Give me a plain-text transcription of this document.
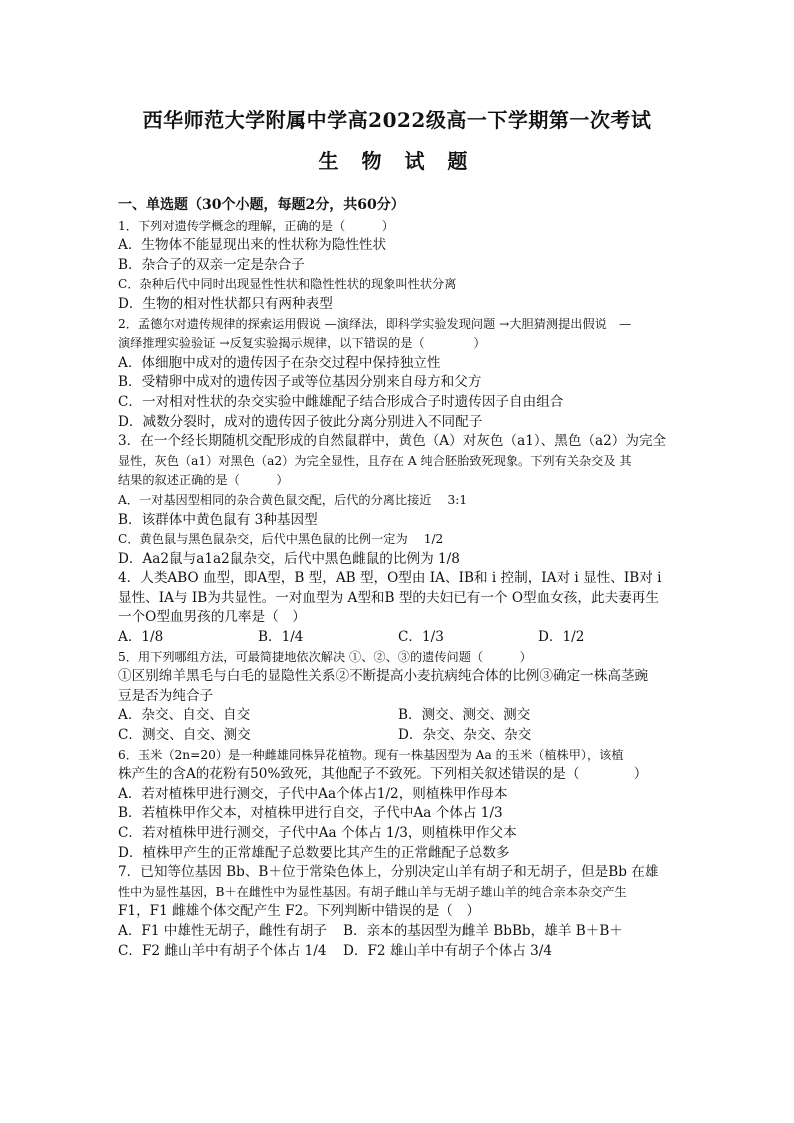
西华师范大学附属中学高2022级高一下学期第一次考试
生 物 试 题
一、单选题（30个小题，每题2分，共60分）
1．下列对遗传学概念的理解，正确的是（　　　）
A．生物体不能显现出来的性状称为隐性性状
B．杂合子的双亲一定是杂合子
C．杂种后代中同时出现显性性状和隐性性状的现象叫性状分离
D．生物的相对性状都只有两种表型
2．孟德尔对遗传规律的探索运用假说 —演绎法，即科学实验发现问题 →大胆猜测提出假说　—
演绎推理实验验证 →反复实验揭示规律，以下错误的是（　　　　）
A．体细胞中成对的遗传因子在杂交过程中保持独立性
B．受精卵中成对的遗传因子或等位基因分别来自母方和父方
C．一对相对性状的杂交实验中雌雄配子结合形成合子时遗传因子自由组合
D．减数分裂时，成对的遗传因子彼此分离分别进入不同配子
3．在一个经长期随机交配形成的自然鼠群中，黄色（A）对灰色（a1）、黑色（a2）为完全
显性，灰色（a1）对黑色（a2）为完全显性，且存在 A 纯合胚胎致死现象。下列有关杂交及 其
结果的叙述正确的是（　　　）
A．一对基因型相同的杂合黄色鼠交配，后代的分离比接近　 3:1
B．该群体中黄色鼠有 3种基因型
C．黄色鼠与黑色鼠杂交，后代中黑色鼠的比例一定为　 1/2
D．Aa2鼠与a1a2鼠杂交，后代中黑色雌鼠的比例为 1/8
4．人类ABO 血型，即A型，B 型，AB 型，O型由 IA、IB和 i 控制，IA对 i 显性、IB对 i
显性、IA与 IB为共显性。一对血型为 A型和B 型的夫妇已有一个 O型血女孩，此夫妻再生
一个O型血男孩的几率是（　）
A．1/8	B．1/4	C．1/3	D．1/2
5．用下列哪组方法，可最简捷地依次解决 ①、②、③的遗传问题（　　　）
①区别绵羊黑毛与白毛的显隐性关系②不断提高小麦抗病纯合体的比例③确定一株高茎豌
豆是否为纯合子
A．杂交、自交、自交	B．测交、测交、测交
C．测交、自交、测交	D．杂交、杂交、杂交
6．玉米（2n=20）是一种雌雄同株异花植物。现有一株基因型为 Aa 的玉米（植株甲），该植
株产生的含A的花粉有50%致死，其他配子不致死。下列相关叙述错误的是（　　　　）
A．若对植株甲进行测交，子代中Aa个体占1/2，则植株甲作母本
B．若植株甲作父本，对植株甲进行自交，子代中Aa 个体占 1/3
C．若对植株甲进行测交，子代中Aa 个体占 1/3，则植株甲作父本
D．植株甲产生的正常雄配子总数要比其产生的正常雌配子总数多
7．已知等位基因 Bb、B＋位于常染色体上，分别决定山羊有胡子和无胡子，但是Bb 在雄
性中为显性基因，B＋在雌性中为显性基因。有胡子雌山羊与无胡子雄山羊的纯合亲本杂交产生
F1，F1 雌雄个体交配产生 F2。下列判断中错误的是（　）
A．F1 中雄性无胡子，雌性有胡子	B．亲本的基因型为雌羊 BbBb，雄羊 B＋B＋
C．F2 雌山羊中有胡子个体占 1/4	D．F2 雄山羊中有胡子个体占 3/4
